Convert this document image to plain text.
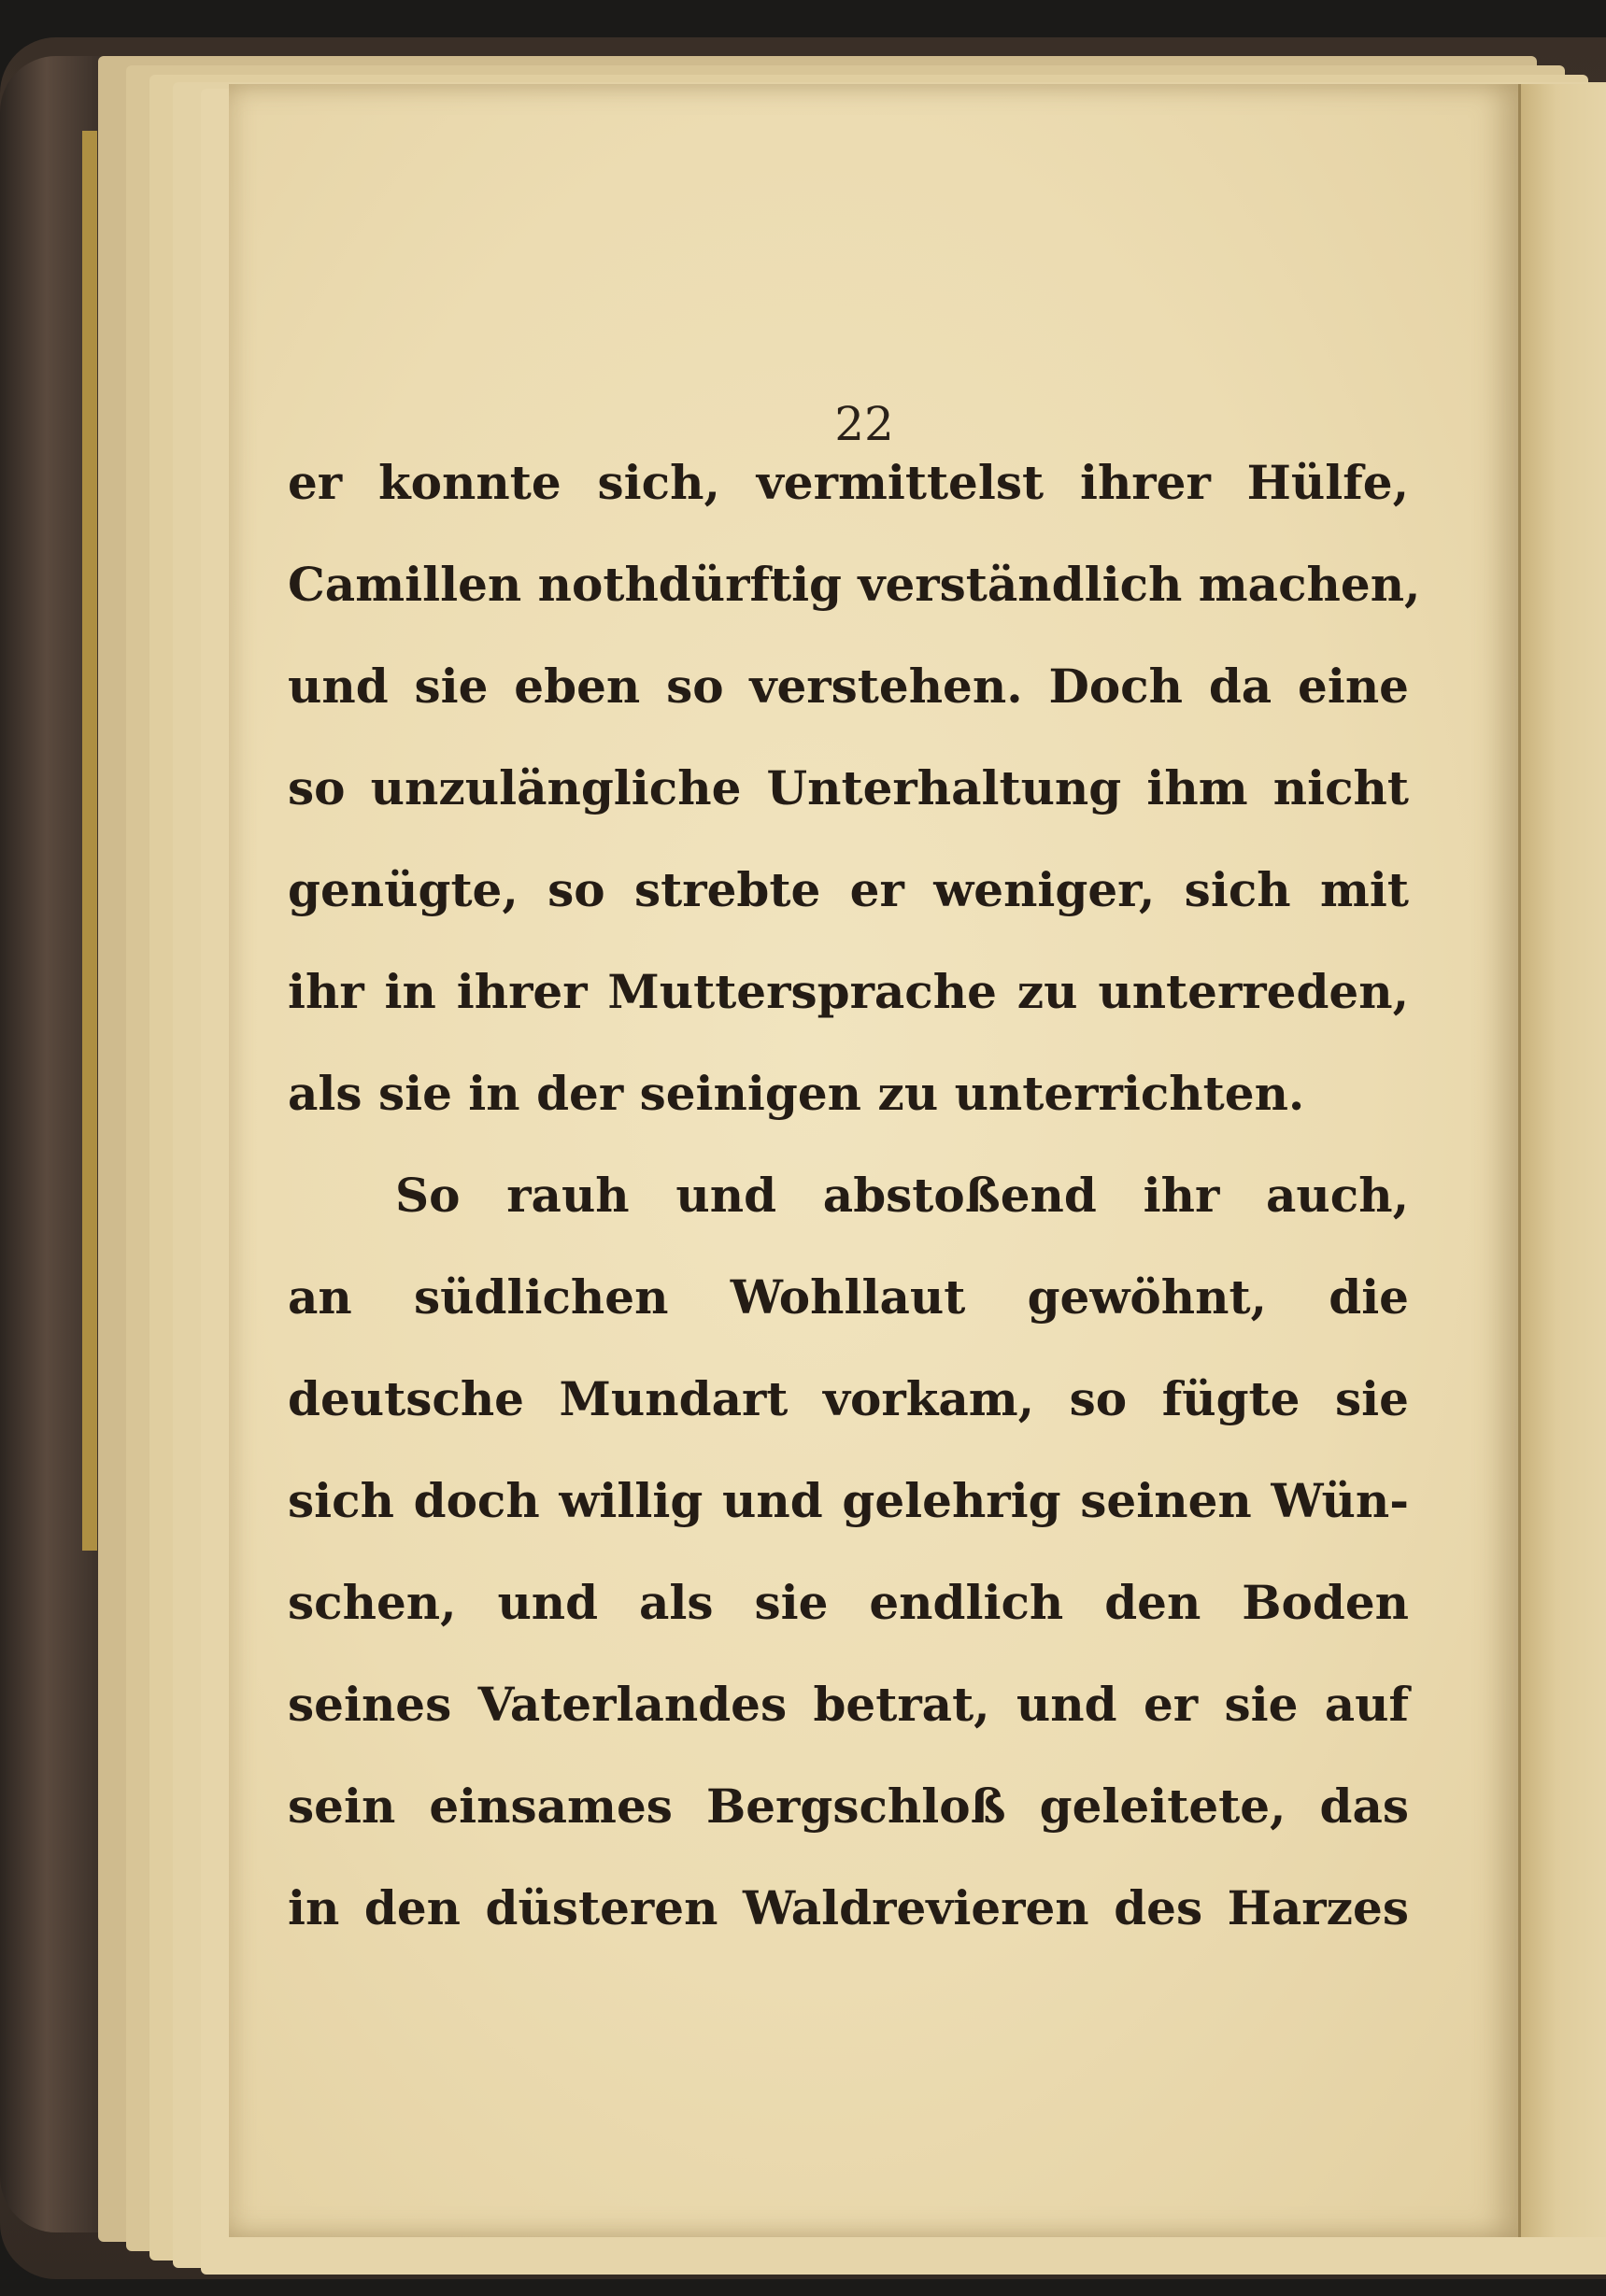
22
er konnte sich, vermittelst ihrer Hülfe,
Camillen nothdürftig verständlich machen,
und sie eben so verstehen. Doch da eine
so unzulängliche Unterhaltung ihm nicht
genügte, so strebte er weniger, sich mit
ihr in ihrer Muttersprache zu unterreden,
als sie in der seinigen zu unterrichten.
So rauh und abstoßend ihr auch,
an südlichen Wohllaut gewöhnt, die
deutsche Mundart vorkam, so fügte sie
sich doch willig und gelehrig seinen Wün-
schen, und als sie endlich den Boden
seines Vaterlandes betrat, und er sie auf
sein einsames Bergschloß geleitete, das
in den düsteren Waldrevieren des Harzes
